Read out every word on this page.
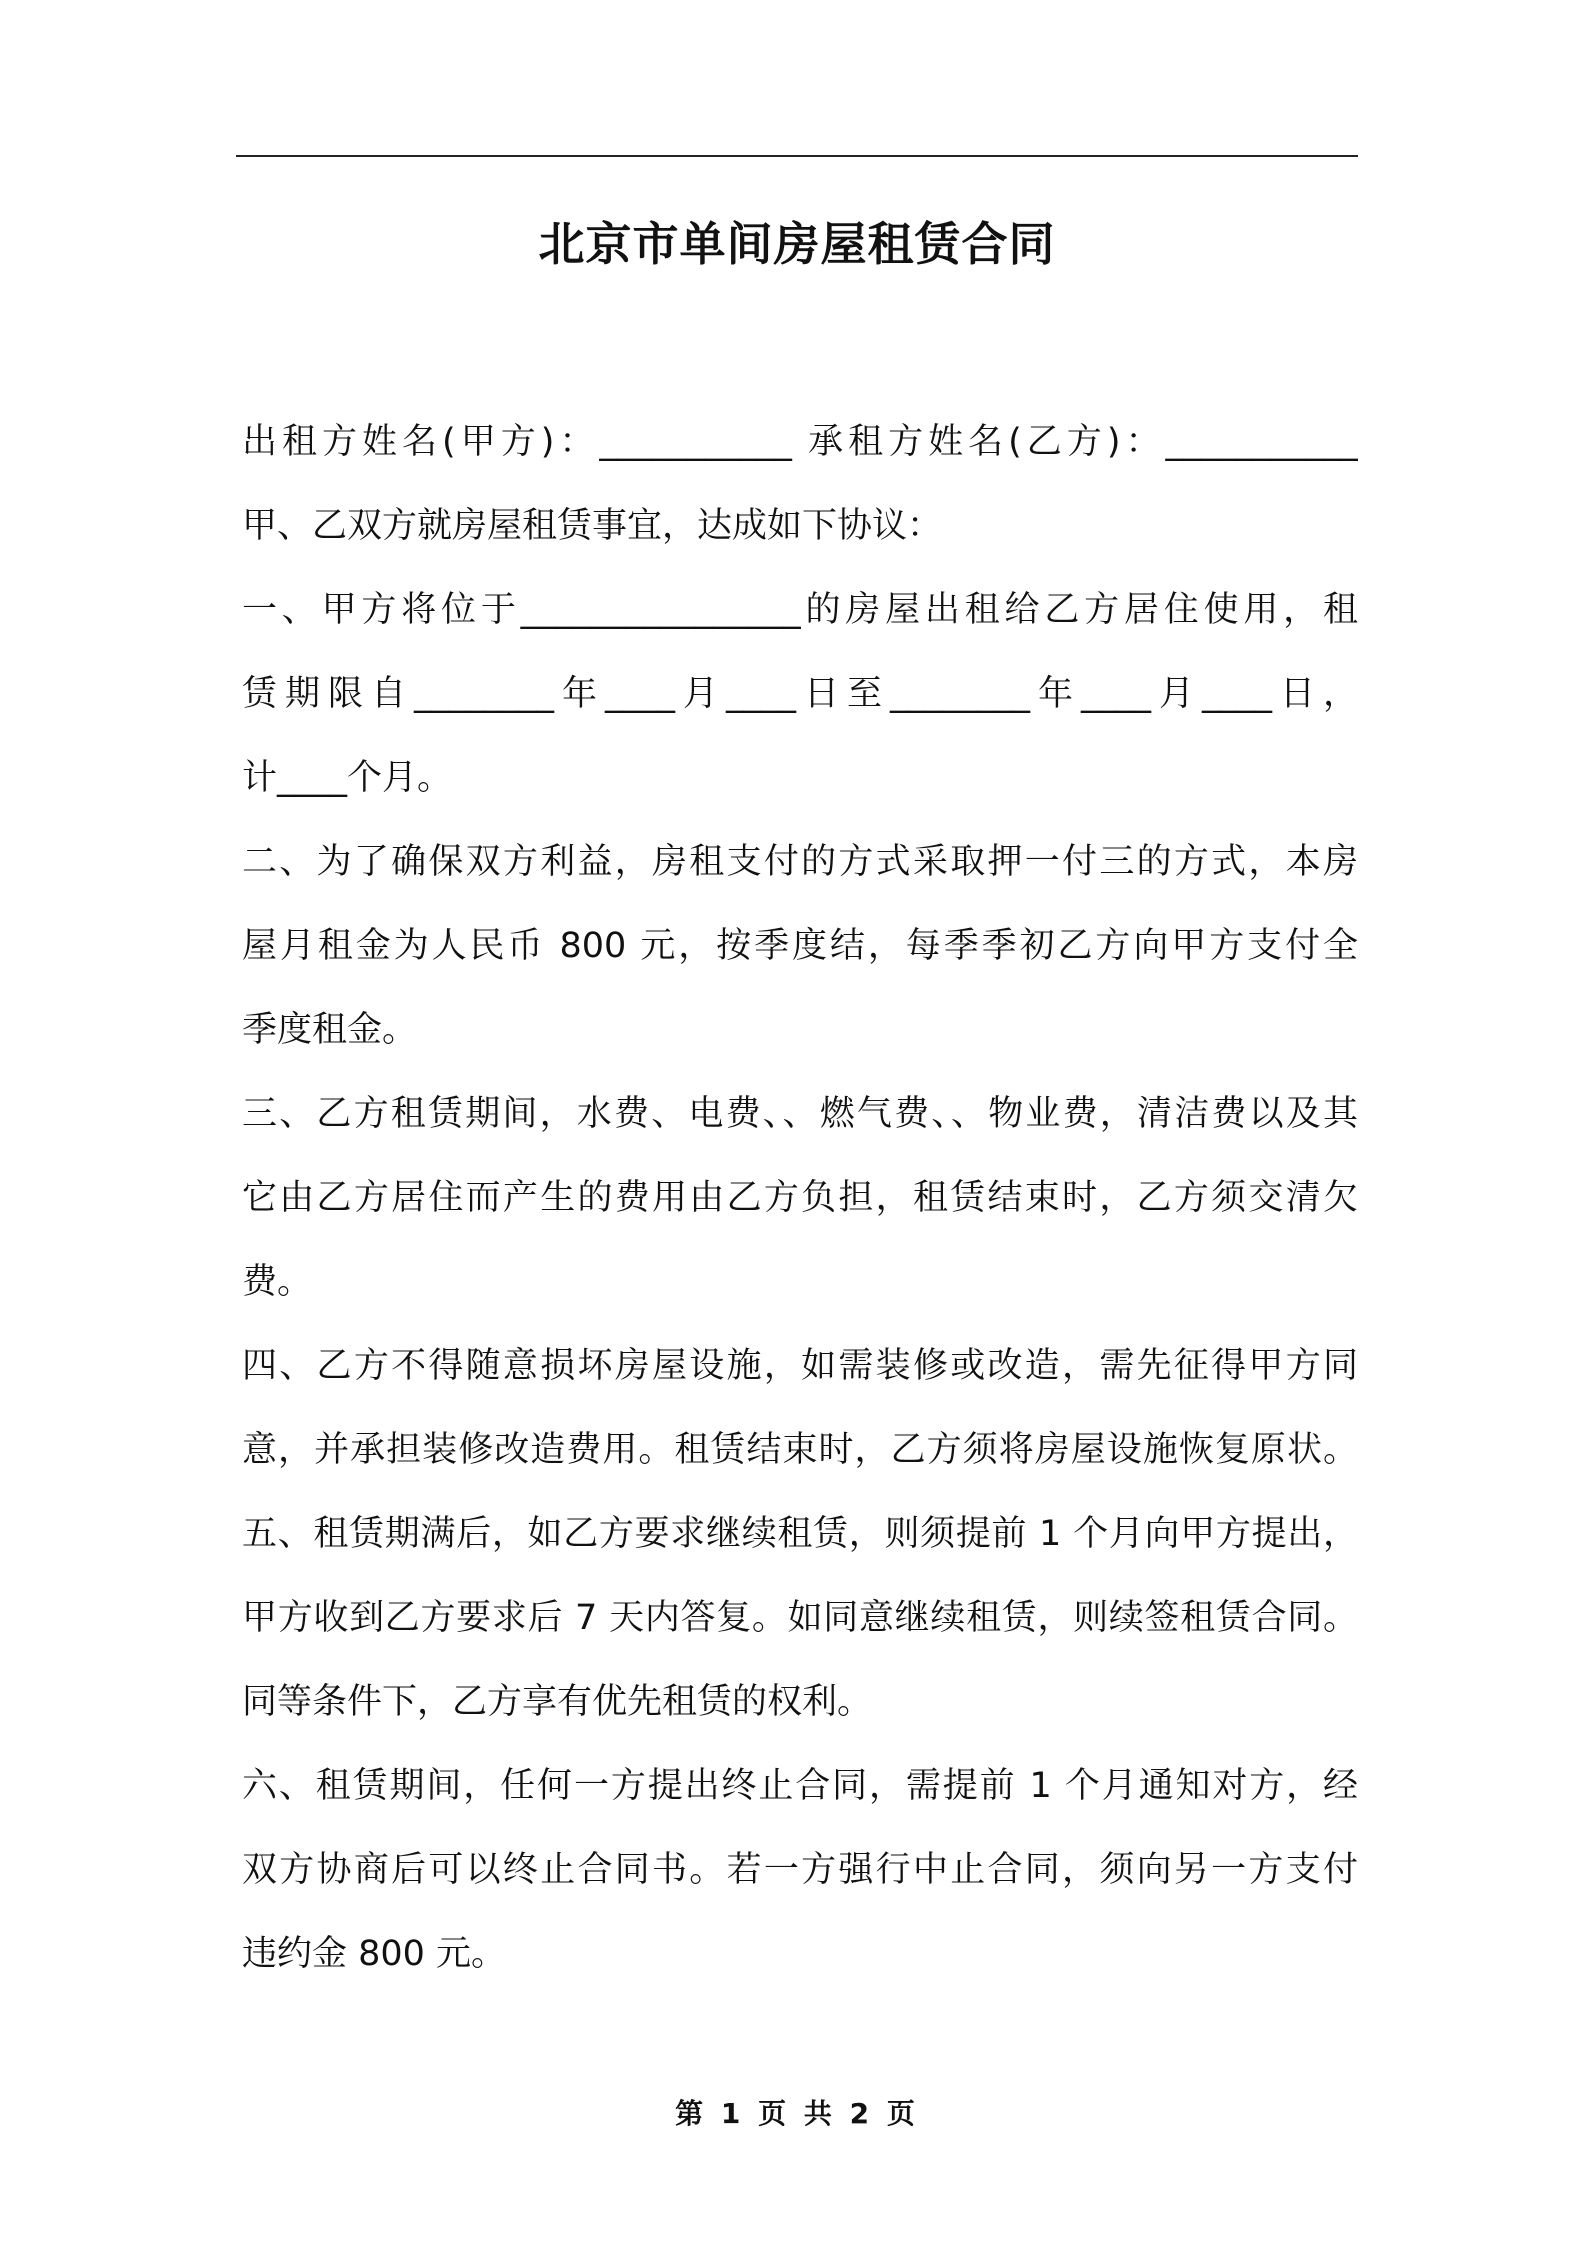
北京市单间房屋租赁合同
出租方姓名(甲方)：___________ 承租方姓名(乙方)：___________
甲、乙双方就房屋租赁事宜，达成如下协议：
一、甲方将位于________________的房屋出租给乙方居住使用，租
赁期限自________年____月____日至________年____月____日，
计____个月。
二、为了确保双方利益，房租支付的方式采取押一付三的方式，本房
屋月租金为人民币 800 元，按季度结，每季季初乙方向甲方支付全
季度租金。
三、乙方租赁期间，水费、电费、、燃气费、、物业费，清洁费以及其
它由乙方居住而产生的费用由乙方负担，租赁结束时，乙方须交清欠
费。
四、乙方不得随意损坏房屋设施，如需装修或改造，需先征得甲方同
意，并承担装修改造费用。租赁结束时，乙方须将房屋设施恢复原状。
五、租赁期满后，如乙方要求继续租赁，则须提前 1 个月向甲方提出，
甲方收到乙方要求后 7 天内答复。如同意继续租赁，则续签租赁合同。
同等条件下，乙方享有优先租赁的权利。
六、租赁期间，任何一方提出终止合同，需提前 1 个月通知对方，经
双方协商后可以终止合同书。若一方强行中止合同，须向另一方支付
违约金 800 元。
第 1 页 共 2 页
